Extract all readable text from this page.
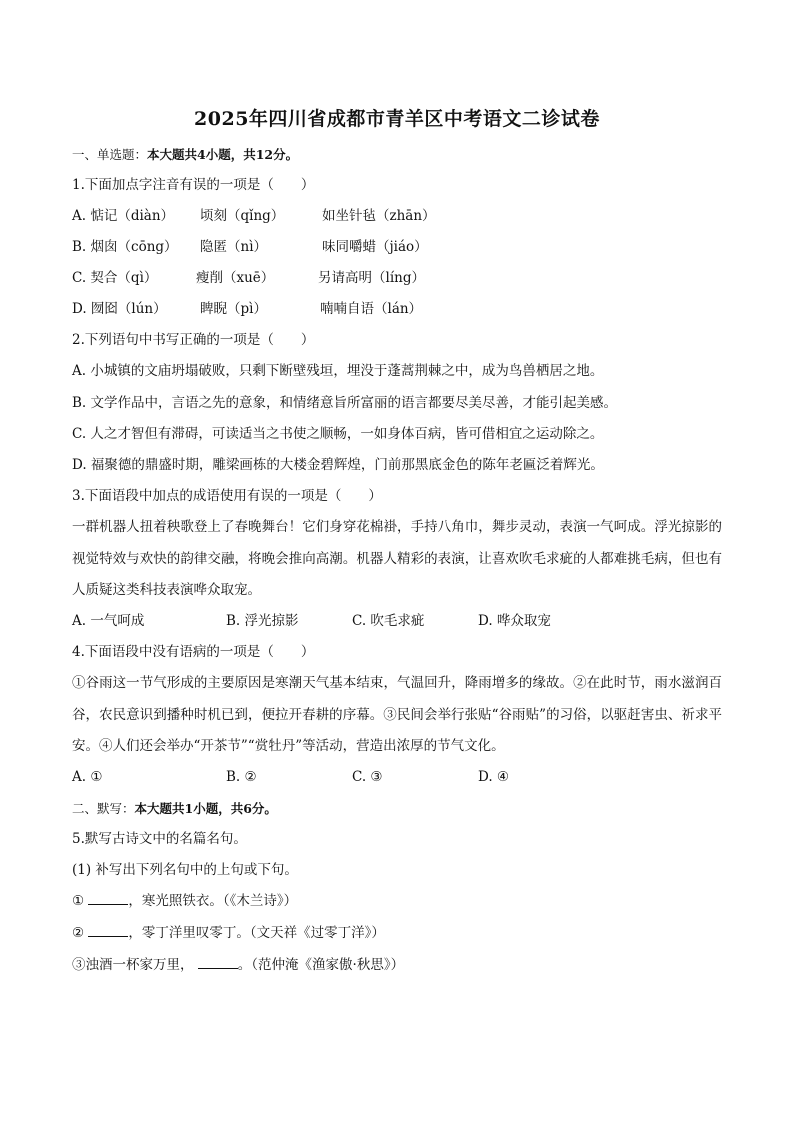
2025年四川省成都市青羊区中考语文二诊试卷
一、单选题：本大题共4小题，共12分。
1.下面加点字注音有误的一项是（　　）
A. 惦记（diàn） 顷刻（qǐng）	如坐针毡（zhān）
B. 烟囱（cōng） 隐匿（nì）	味同嚼蜡（jiáo）
C. 契合（qì）	瘦削（xuē）	另请高明（líng）
D. 囫囵（lún） 睥睨（pì）	喃喃自语（lán）
2.下列语句中书写正确的一项是（　　）
A. 小城镇的文庙坍塌破败，只剩下断壁残垣，埋没于蓬蒿荆棘之中，成为鸟兽栖居之地。
B. 文学作品中，言语之先的意象，和情绪意旨所富丽的语言都要尽美尽善，才能引起美感。
C. 人之才智但有滞碍，可读适当之书使之顺畅，一如身体百病，皆可借相宜之运动除之。
D. 福聚德的鼎盛时期，雕梁画栋的大楼金碧辉煌，门前那黑底金色的陈年老匾泛着辉光。
3.下面语段中加点的成语使用有误的一项是（　　）
一群机器人扭着秧歌登上了春晚舞台！它们身穿花棉褂，手持八角巾，舞步灵动，表演一气呵成。浮光掠影的视觉特效与欢快的韵律交融，将晚会推向高潮。机器人精彩的表演，让喜欢吹毛求疵的人都难挑毛病，但也有人质疑这类科技表演哗众取宠。
A. 一气呵成	B. 浮光掠影	C. 吹毛求疵	D. 哗众取宠
4.下面语段中没有语病的一项是（　　）
①谷雨这一节气形成的主要原因是寒潮天气基本结束，气温回升，降雨增多的缘故。②在此时节，雨水滋润百谷，农民意识到播种时机已到，便拉开春耕的序幕。③民间会举行张贴“谷雨贴”的习俗，以驱赶害虫、祈求平安。④人们还会举办“开茶节”“赏牡丹”等活动，营造出浓厚的节气文化。
A. ①	B. ②	C. ③	D. ④
二、默写：本大题共1小题，共6分。
5.默写古诗文中的名篇名句。
(1) 补写出下列名句中的上句或下句。
①	，寒光照铁衣。（《木兰诗》）
②	，零丁洋里叹零丁。（文天祥《过零丁洋》）
③浊酒一杯家万里，	。（范仲淹《渔家傲·秋思》）
